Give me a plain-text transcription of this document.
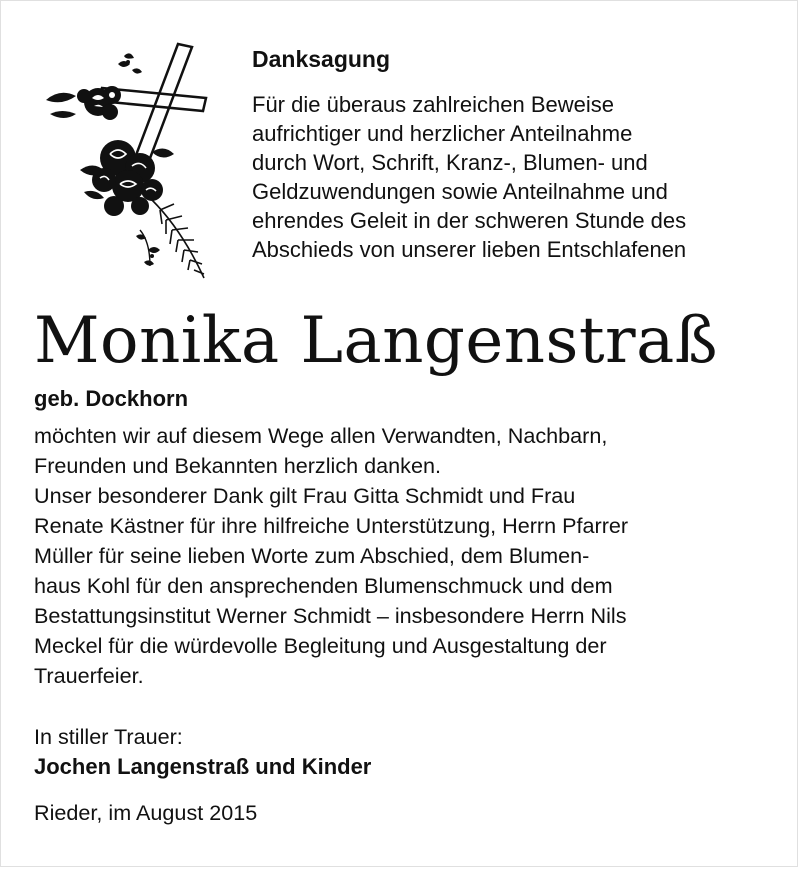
Danksagung
Für die überaus zahlreichen Beweise
aufrichtiger und herzlicher Anteilnahme
durch Wort, Schrift, Kranz-, Blumen- und
Geldzuwendungen sowie Anteilnahme und
ehrendes Geleit in der schweren Stunde des
Abschieds von unserer lieben Entschlafenen
Monika Langenstraß
geb. Dockhorn
möchten wir auf diesem Wege allen Verwandten, Nachbarn,
Freunden und Bekannten herzlich danken.
Unser besonderer Dank gilt Frau Gitta Schmidt und Frau
Renate Kästner für ihre hilfreiche Unterstützung, Herrn Pfarrer
Müller für seine lieben Worte zum Abschied, dem Blumen-
haus Kohl für den ansprechenden Blumenschmuck und dem
Bestattungsinstitut Werner Schmidt – insbesondere Herrn Nils
Meckel für die würdevolle Begleitung und Ausgestaltung der
Trauerfeier.
In stiller Trauer:
Jochen Langenstraß und Kinder
Rieder, im August 2015
